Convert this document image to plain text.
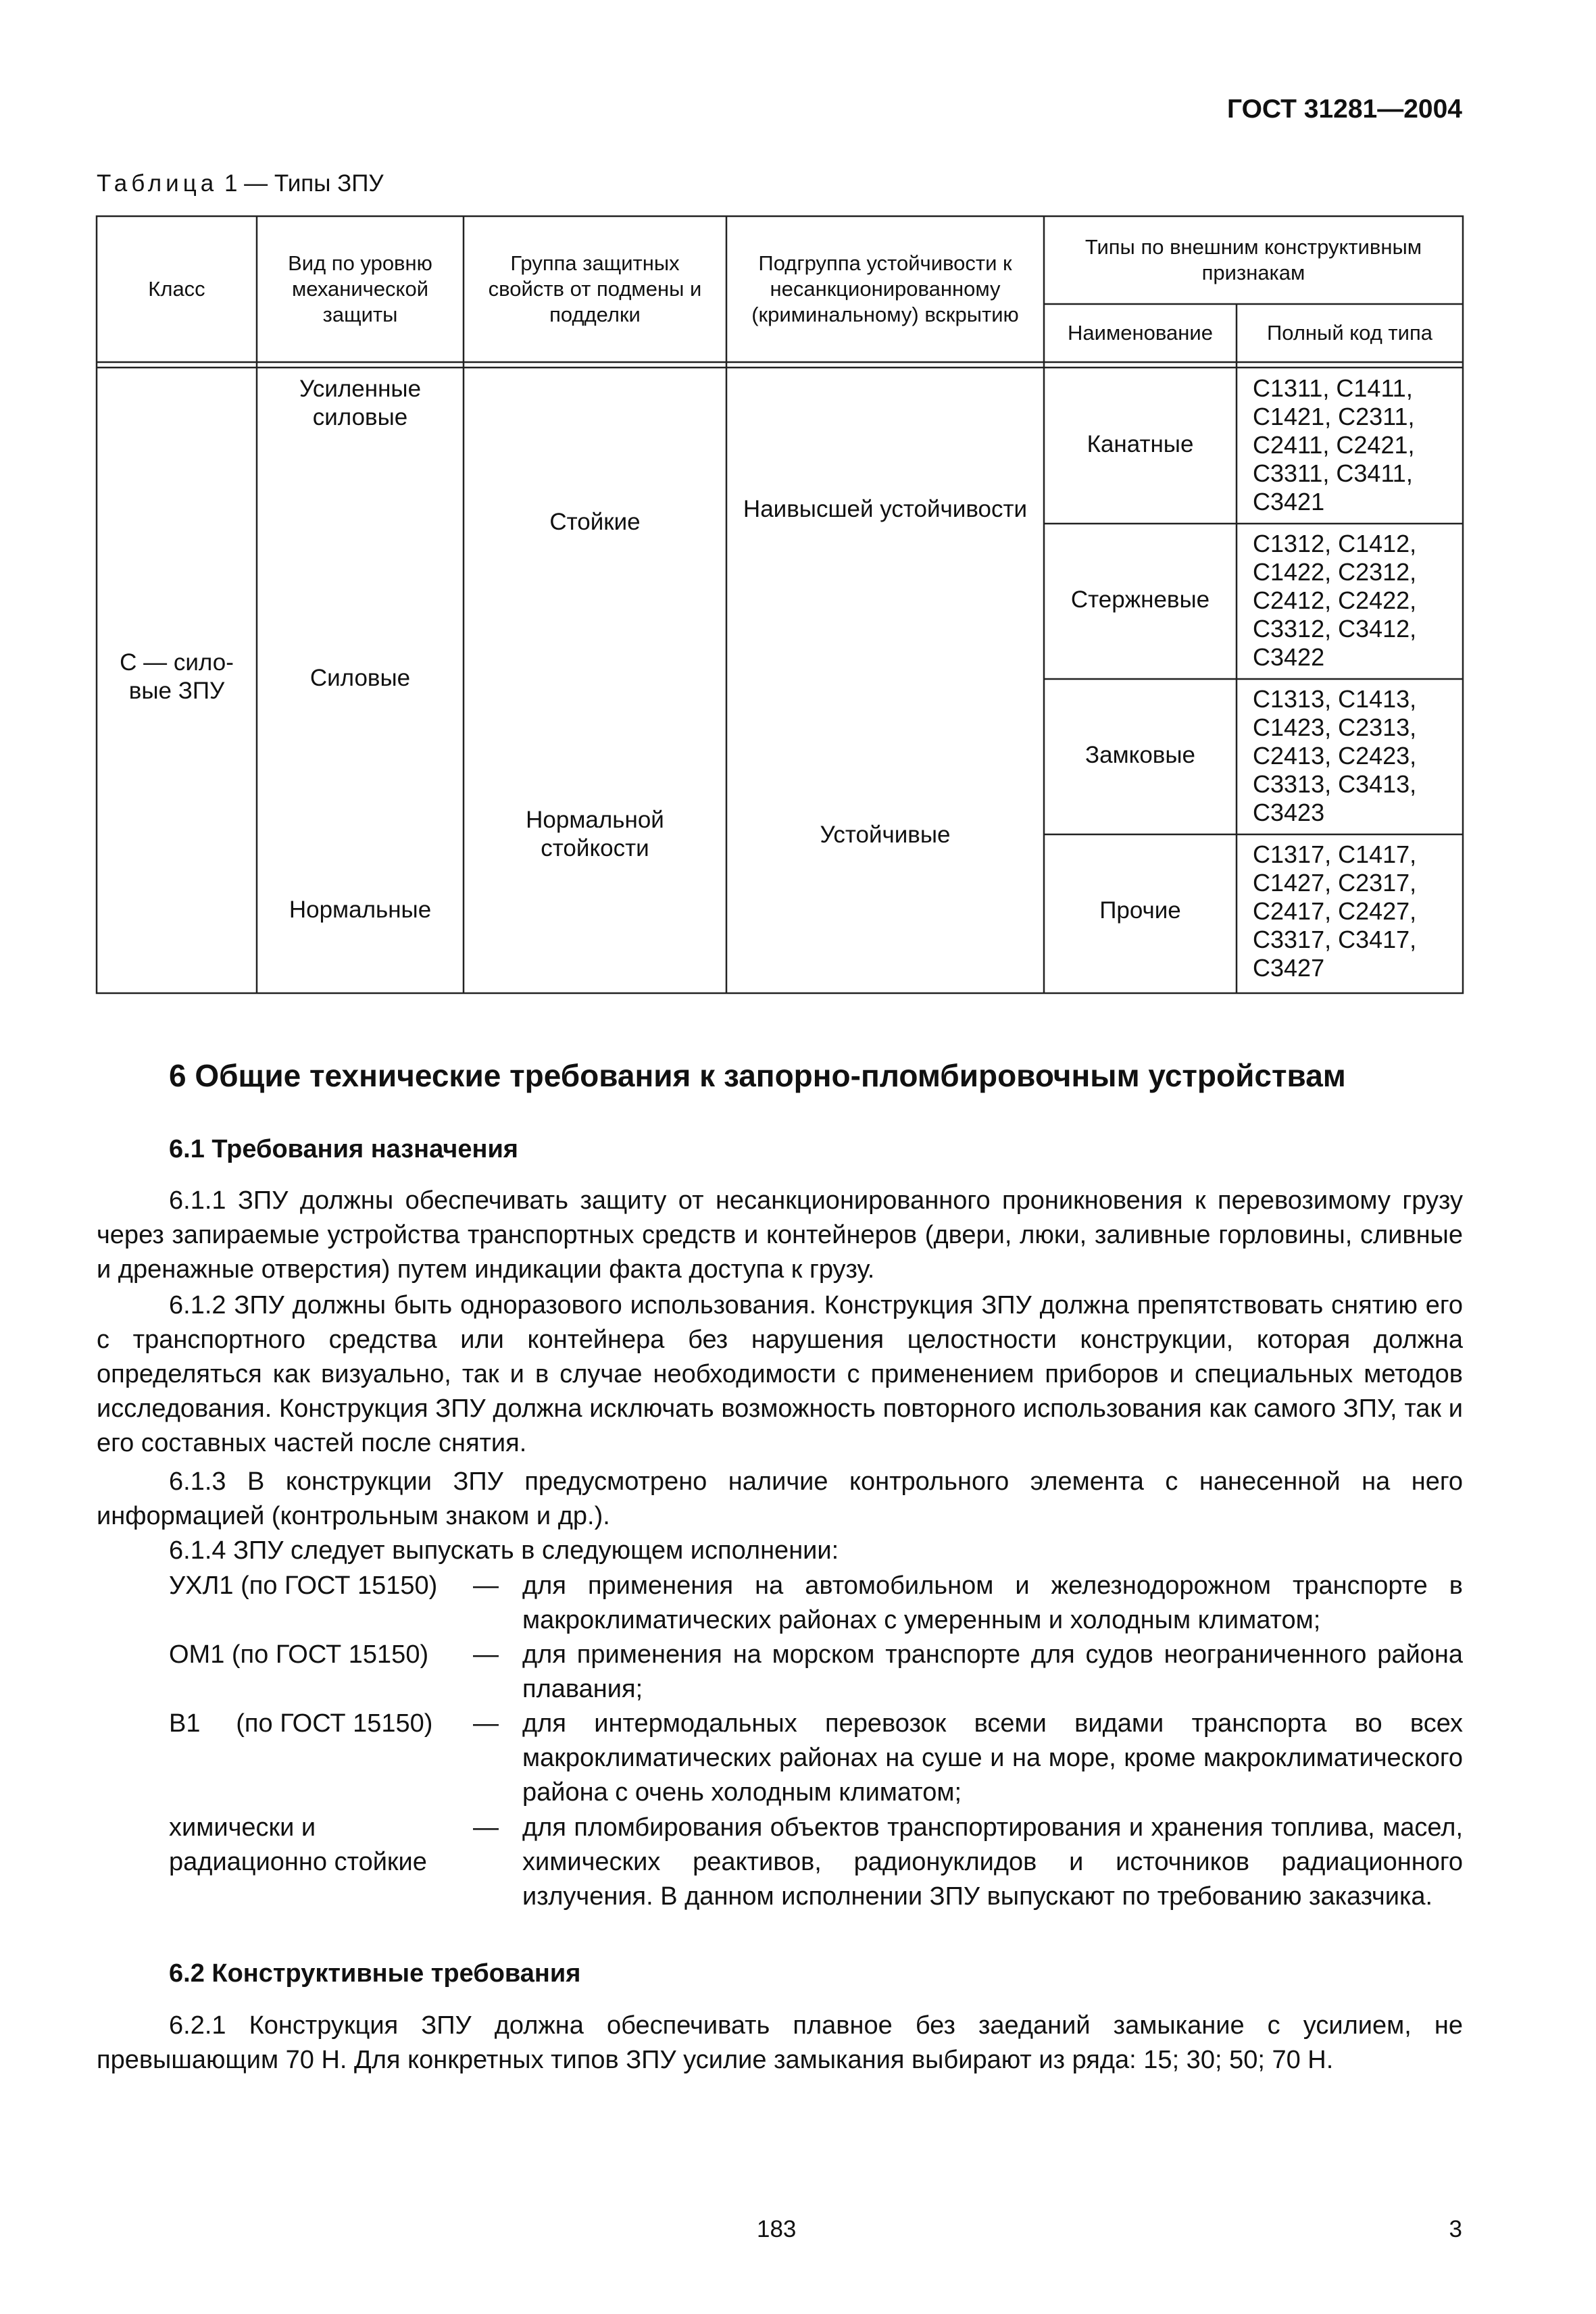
ГОСТ 31281—2004
Таблица 1 — Типы ЗПУ
Класс
Вид по уровню механической защиты
Группа защитных свойств от подмены и подделки
Подгруппа устойчивости к несанкционированному (криминальному) вскрытию
Типы по внешним конструктивным признакам
Наименование	Полный код типа
С — сило-
вые ЗПУ
Усиленные силовые
Силовые
Нормальные
Стойкие
Нормальной стойкости
Наивысшей устойчивости
Устойчивые
Канатные
Стержневые
Замковые
Прочие
C1311, C1411,
C1421, C2311,
C2411, C2421,
C3311, C3411,
C3421
C1312, C1412,
C1422, C2312,
C2412, C2422,
C3312, C3412,
C3422
C1313, C1413,
C1423, C2313,
C2413, C2423,
C3313, C3413,
C3423
C1317, C1417,
C1427, C2317,
C2417, C2427,
C3317, C3417,
C3427
6 Общие технические требования к запорно-пломбировочным устройствам
6.1 Требования назначения
6.1.1 ЗПУ должны обеспечивать защиту от несанкционированного проникновения к перевозимому грузу через запираемые устройства транспортных средств и контейнеров (двери, люки, заливные горловины, сливные и дренажные отверстия) путем индикации факта доступа к грузу.
6.1.2 ЗПУ должны быть одноразового использования. Конструкция ЗПУ должна препятствовать снятию его с транспортного средства или контейнера без нарушения целостности конструкции, которая должна определяться как визуально, так и в случае необходимости с применением приборов и специальных методов исследования. Конструкция ЗПУ должна исключать возможность повторного использования как самого ЗПУ, так и его составных частей после снятия.
6.1.3 В конструкции ЗПУ предусмотрено наличие контрольного элемента с нанесенной на него информацией (контрольным знаком и др.).
6.1.4 ЗПУ следует выпускать в следующем исполнении:
УХЛ1 (по ГОСТ 15150) — для применения на автомобильном и железнодорожном транспорте в макроклиматических районах с умеренным и холодным климатом;
ОМ1 (по ГОСТ 15150) — для применения на морском транспорте для судов неограниченного района плавания;
В1     (по ГОСТ 15150) — для интермодальных перевозок всеми видами транспорта во всех макроклиматических районах на суше и на море, кроме макроклиматического района с очень холодным климатом;
химически и радиационно стойкие
— для пломбирования объектов транспортирования и хранения топлива, масел, химических реактивов, радионуклидов и источников радиационного излучения. В данном исполнении ЗПУ выпускают по требованию заказчика.
6.2 Конструктивные требования
6.2.1 Конструкция ЗПУ должна обеспечивать плавное без заеданий замыкание с усилием, не превышающим 70 Н. Для конкретных типов ЗПУ усилие замыкания выбирают из ряда: 15; 30; 50; 70 Н.
183	3
